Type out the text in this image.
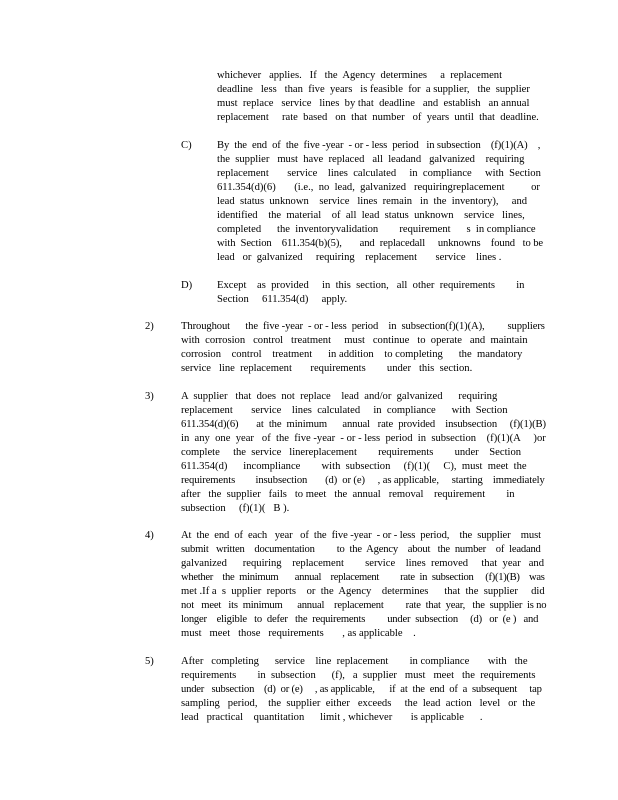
whichever   applies.   If   the  Agency  determines     a  replacement
deadline   less   than  five  years   is feasible  for  a supplier,   the  supplier
must  replace   service   lines  by that  deadline   and  establish   an annual
replacement     rate  based   on  that  number   of  years  until  that  deadline.
C) By  the  end  of  the  five -year  - or - less  period   in subsection    (f)(1)(A)    ,
the  supplier   must  have  replaced   all  leadand   galvanized    requiring
replacement       service    lines  calculated     in  compliance     with  Section
611.354(d)(6)       (i.e.,  no  lead,  galvanized   requiringreplacement          or
lead  status  unknown    service   lines  remain   in  the  inventory),     and
identified    the  material    of  all  lead  status  unknown    service   lines,
completed      the  inventoryvalidation        requirement      s  in compliance
with  Section    611.354(b)(5),       and  replacedall     unknowns    found   to be
lead   or  galvanized     requiring    replacement       service    lines .
D) Except    as  provided     in  this  section,   all  other  requirements        in
Section     611.354(d)     apply.
2)	Throughout      the  five -year  - or - less  period    in  subsection(f)(1)(A),         suppliers
with  corrosion   control   treatment     must   continue   to  operate   and  maintain
corrosion    control    treatment      in addition    to completing      the  mandatory
service   line  replacement       requirements        under   this  section.
3)	A  supplier   that  does  not  replace    lead  and/or  galvanized      requiring
replacement       service    lines  calculated     in  compliance      with  Section
611.354(d)(6)       at  the  minimum      annual   rate  provided    insubsection     (f)(1)(B)
in  any  one  year   of  the  five -year  - or - less  period  in  subsection    (f)(1)(A     )or
complete     the  service   linereplacement        requirements        under    Section
611.354(d)      incompliance        with  subsection     (f)(1)(     C),  must  meet  the
requirements        insubsection       (d)  or (e)     , as applicable,     starting    immediately
after   the  supplier   fails   to meet   the  annual   removal    requirement        in
subsection     (f)(1)(   B ).
4)	At  the  end  of  each   year   of  the  five -year  - or - less  period,    the  supplier    must
submit   written    documentation         to  the  Agency    about   the  number    of  leadand
galvanized      requiring    replacement        service    lines  removed     that  year   and
whether    the  minimum       annual    replacement         rate  in  subsection     (f)(1)(B)    was
met .If a  s  upplier  reports    or  the  Agency    determines      that  the  supplier     did
not   meet   its  minimum      annual    replacement         rate  that  year,   the  supplier  is no
longer    eligible   to  defer   the  requirements         under  subsection     (d)   or  (e )   and
must   meet   those   requirements       , as applicable    .
5)	After   completing      service    line  replacement        in compliance       with   the
requirements        in  subsection      (f),   a  supplier   must   meet   the  requirements
under   subsection    (d)  or (e)     , as applicable,      if  at  the  end  of  a  subsequent     tap
sampling   period,    the  supplier  either   exceeds     the  lead  action   level   or  the
lead   practical    quantitation      limit , whichever       is applicable      .
